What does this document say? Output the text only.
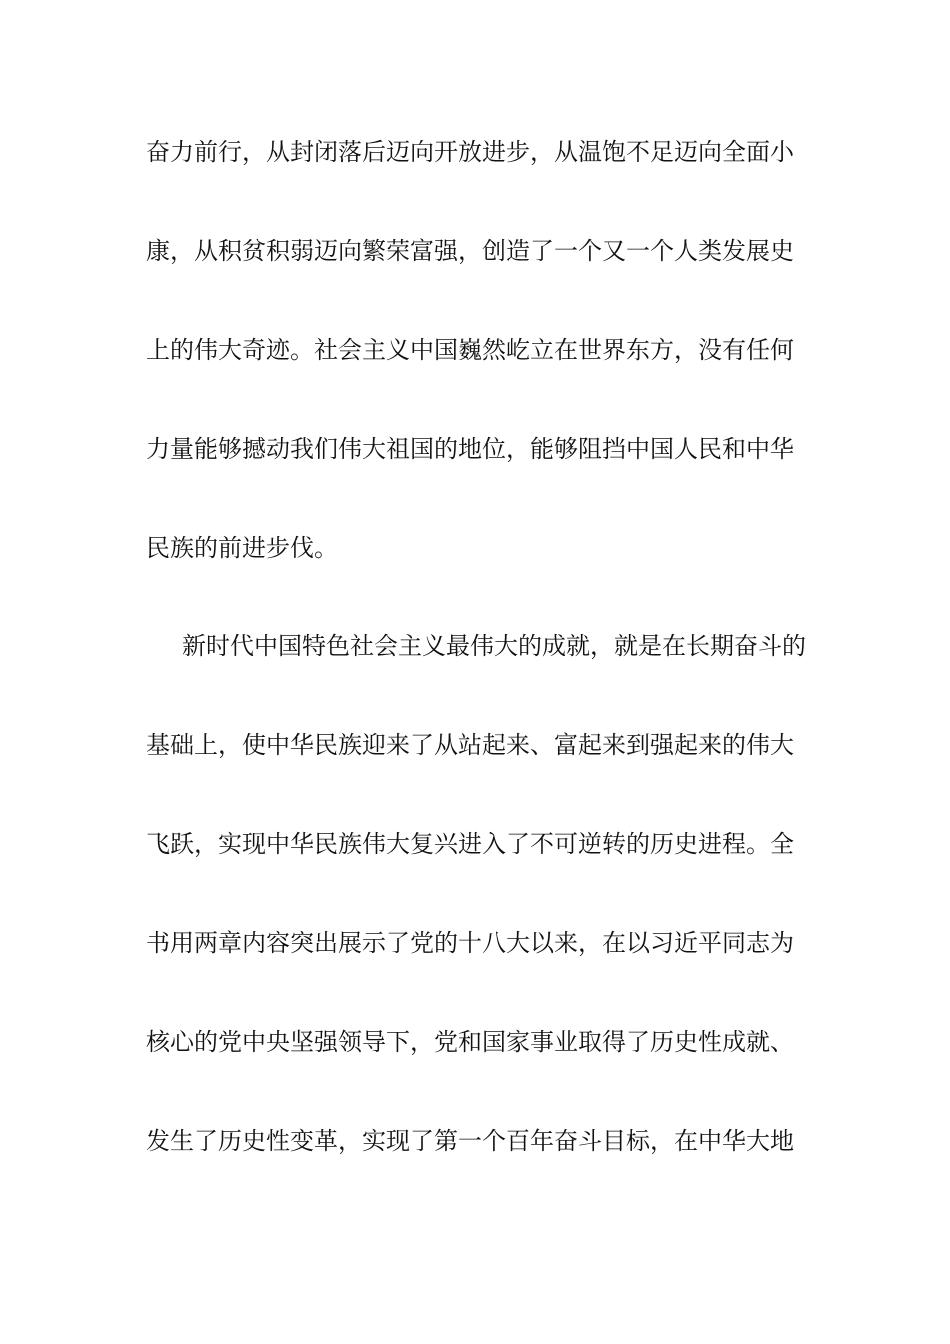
奋力前行，从封闭落后迈向开放进步，从温饱不足迈向全面小
康，从积贫积弱迈向繁荣富强，创造了一个又一个人类发展史
上的伟大奇迹。社会主义中国巍然屹立在世界东方，没有任何
力量能够撼动我们伟大祖国的地位，能够阻挡中国人民和中华
民族的前进步伐。
新时代中国特色社会主义最伟大的成就，就是在长期奋斗的
基础上，使中华民族迎来了从站起来、富起来到强起来的伟大
飞跃，实现中华民族伟大复兴进入了不可逆转的历史进程。全
书用两章内容突出展示了党的十八大以来，在以习近平同志为
核心的党中央坚强领导下，党和国家事业取得了历史性成就、
发生了历史性变革，实现了第一个百年奋斗目标，在中华大地
